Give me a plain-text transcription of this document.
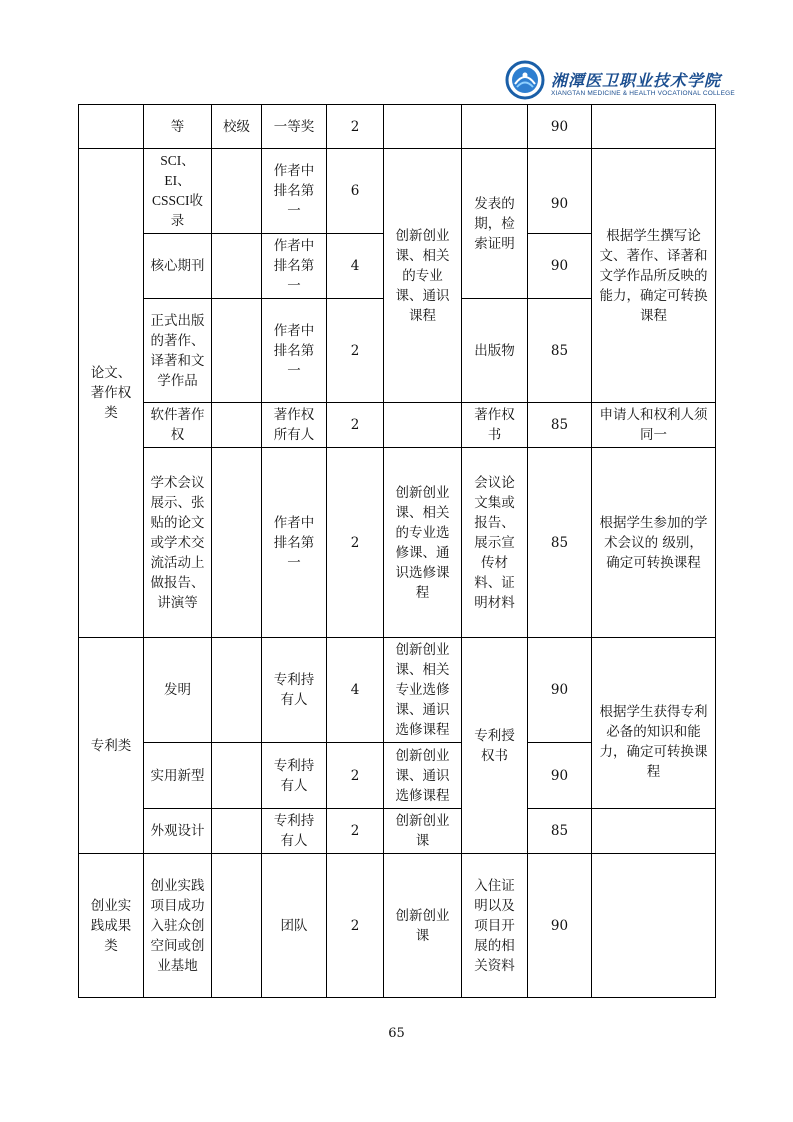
湘潭医卫职业技术学院
XIANGTAN MEDICINE & HEALTH VOCATIONAL COLLEGE
	等	校级	一等奖	2			90	
论文、著作权类	SCI、EI、CSSCI收录		作者中排名第一	6	创新创业课、相关的专业课、通识课程	发表的期，检索证明	90	根据学生撰写论文、著作、译著和文学作品所反映的能力，确定可转换课程
	核心期刊		作者中排名第一	4			90	
	正式出版的著作、译著和文学作品		作者中排名第一	2		出版物	85	
	软件著作权		著作权所有人	2		著作权书	85	申请人和权利人须同一
	学术会议展示、张贴的论文或学术交流活动上做报告、讲演等		作者中排名第一	2	创新创业课、相关的专业选修课、通识选修课程	会议论文集或报告、展示宣传材料、证明材料	85	根据学生参加的学术会议的 级别，确定可转换课程
专利类	发明		专利持有人	4	创新创业课、相关专业选修课、通识选修课程	专利授权书	90	根据学生获得专利必备的知识和能力，确定可转换课程
	实用新型		专利持有人	2	创新创业课、通识选修课程		90	
	外观设计		专利持有人	2	创新创业课		85	
创业实践成果类	创业实践项目成功入驻众创空间或创业基地		团队	2	创新创业课	入住证明以及项目开展的相关资料	90	
65
